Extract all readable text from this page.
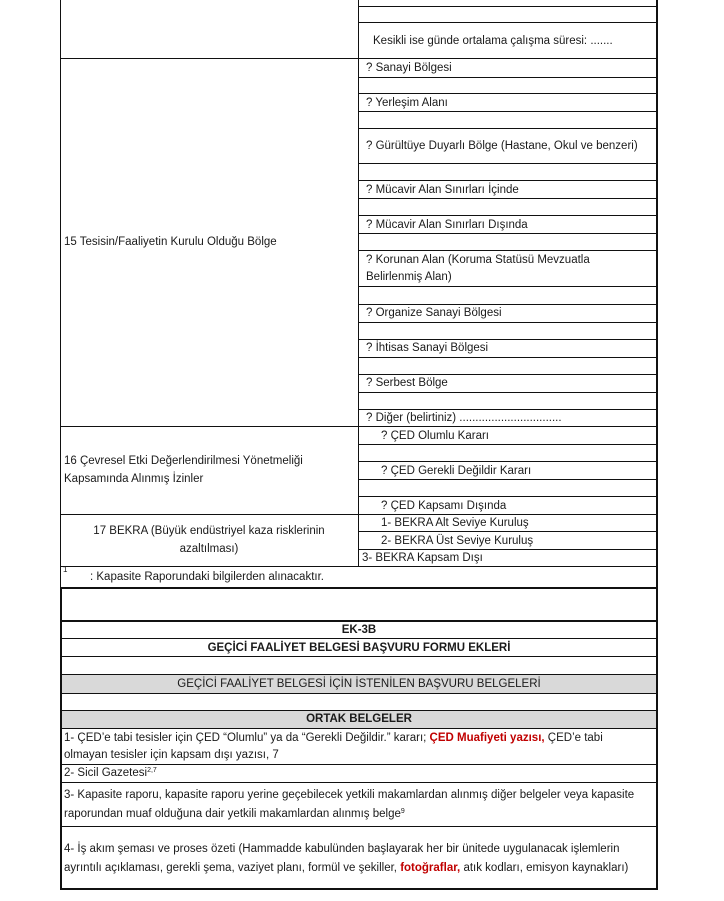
Kesikli ise günde ortalama çalışma süresi: .......
15 Tesisin/Faaliyetin Kurulu Olduğu Bölge
? Sanayi Bölgesi
? Yerleşim Alanı
? Gürültüye Duyarlı Bölge (Hastane, Okul ve benzeri)
? Mücavir Alan Sınırları İçinde
? Mücavir Alan Sınırları Dışında
? Korunan Alan (Koruma Statüsü Mevzuatla
Belirlenmiş Alan)
? Organize Sanayi Bölgesi
? İhtisas Sanayi Bölgesi
? Serbest Bölge
? Diğer (belirtiniz) ................................
16 Çevresel Etki Değerlendirilmesi Yönetmeliği
Kapsamında Alınmış İzinler
? ÇED Olumlu Kararı
? ÇED Gerekli Değildir Kararı
? ÇED Kapsamı Dışında
17 BEKRA (Büyük endüstriyel kaza risklerinin
azaltılması)
1- BEKRA Alt Seviye Kuruluş
2- BEKRA Üst Seviye Kuruluş
3- BEKRA Kapsam Dışı
1
: Kapasite Raporundaki bilgilerden alınacaktır.
EK-3B
GEÇİCİ FAALİYET BELGESİ BAŞVURU FORMU EKLERİ
GEÇİCİ FAALİYET BELGESİ İÇİN İSTENİLEN BAŞVURU BELGELERİ
ORTAK BELGELER
1- ÇED’e tabi tesisler için ÇED “Olumlu” ya da “Gerekli Değildir.” kararı; ÇED Muafiyeti yazısı, ÇED’e tabi
olmayan tesisler için kapsam dışı yazısı, 7
2- Sicil Gazetesi$^{2,7}$
3- Kapasite raporu, kapasite raporu yerine geçebilecek yetkili makamlardan alınmış diğer belgeler veya kapasite
raporundan muaf olduğuna dair yetkili makamlardan alınmış belge$^9$
4- İş akım şeması ve proses özeti (Hammadde kabulünden başlayarak her bir ünitede uygulanacak işlemlerin
ayrıntılı açıklaması, gerekli şema, vaziyet planı, formül ve şekiller, fotoğraflar, atık kodları, emisyon kaynakları)
